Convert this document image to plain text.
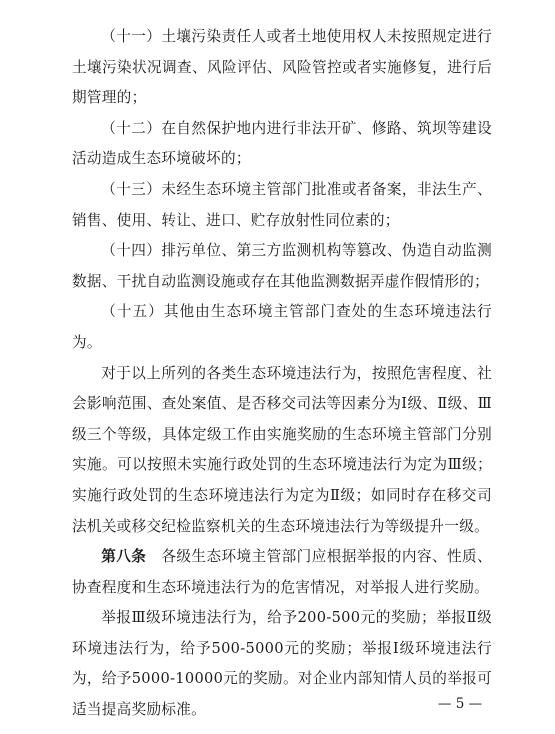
（十一）土壤污染责任人或者土地使用权人未按照规定进行土壤污染状况调查、风险评估、风险管控或者实施修复，进行后期管理的；

（十二）在自然保护地内进行非法开矿、修路、筑坝等建设活动造成生态环境破坏的；

（十三）未经生态环境主管部门批准或者备案，非法生产、销售、使用、转让、进口、贮存放射性同位素的；

（十四）排污单位、第三方监测机构等篡改、伪造自动监测数据、干扰自动监测设施或存在其他监测数据弄虚作假情形的；

（十五）其他由生态环境主管部门查处的生态环境违法行为。

对于以上所列的各类生态环境违法行为，按照危害程度、社会影响范围、查处案值、是否移交司法等因素分为Ⅰ级、Ⅱ级、Ⅲ级三个等级，具体定级工作由实施奖励的生态环境主管部门分别实施。可以按照未实施行政处罚的生态环境违法行为定为Ⅲ级；实施行政处罚的生态环境违法行为定为Ⅱ级；如同时存在移交司法机关或移交纪检监察机关的生态环境违法行为等级提升一级。

第八条　各级生态环境主管部门应根据举报的内容、性质、协查程度和生态环境违法行为的危害情况，对举报人进行奖励。

举报Ⅲ级环境违法行为，给予200-500元的奖励；举报Ⅱ级环境违法行为，给予500-5000元的奖励；举报Ⅰ级环境违法行为，给予5000-10000元的奖励。对企业内部知情人员的举报可适当提高奖励标准。	— 5 —
